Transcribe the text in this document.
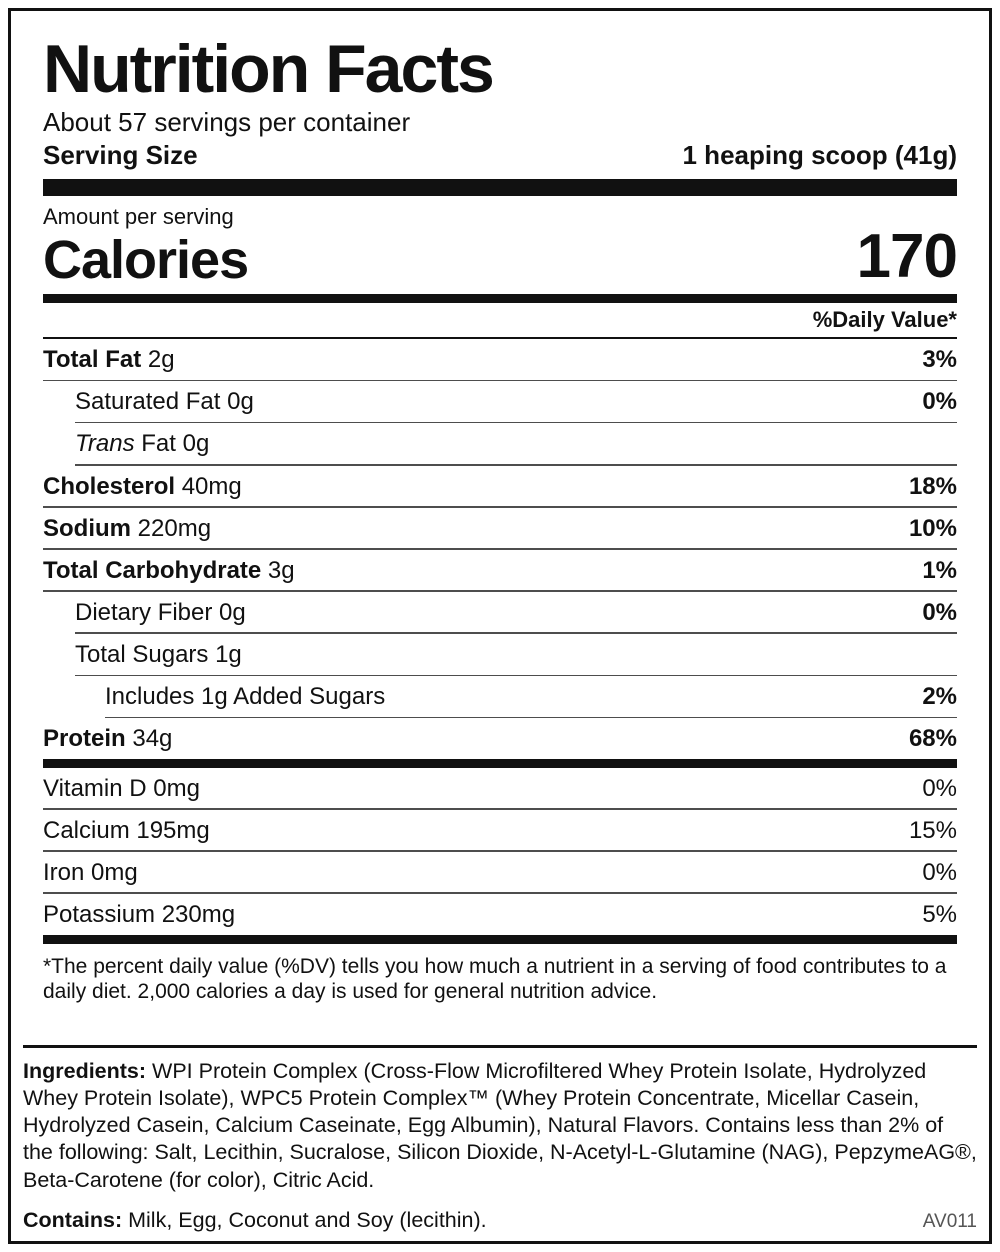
Nutrition Facts
About 57 servings per container
Serving Size	1 heaping scoop (41g)
Amount per serving
Calories	170
%Daily Value*
Total Fat 2g	3%
Saturated Fat 0g	0%
Trans Fat 0g
Cholesterol 40mg	18%
Sodium 220mg	10%
Total Carbohydrate 3g	1%
Dietary Fiber 0g	0%
Total Sugars 1g
Includes 1g Added Sugars	2%
Protein 34g	68%
Vitamin D 0mg	0%
Calcium 195mg	15%
Iron 0mg	0%
Potassium 230mg	5%
*The percent daily value (%DV) tells you how much a nutrient in a serving of food contributes to a daily diet. 2,000 calories a day is used for general nutrition advice.
Ingredients: WPI Protein Complex (Cross-Flow Microfiltered Whey Protein Isolate, Hydrolyzed Whey Protein Isolate), WPC5 Protein Complex™ (Whey Protein Concentrate, Micellar Casein, Hydrolyzed Casein, Calcium Caseinate, Egg Albumin), Natural Flavors. Contains less than 2% of the following: Salt, Lecithin, Sucralose, Silicon Dioxide, N-Acetyl-L-Glutamine (NAG), PepzymeAG®, Beta-Carotene (for color), Citric Acid.
Contains: Milk, Egg, Coconut and Soy (lecithin).	AV011
